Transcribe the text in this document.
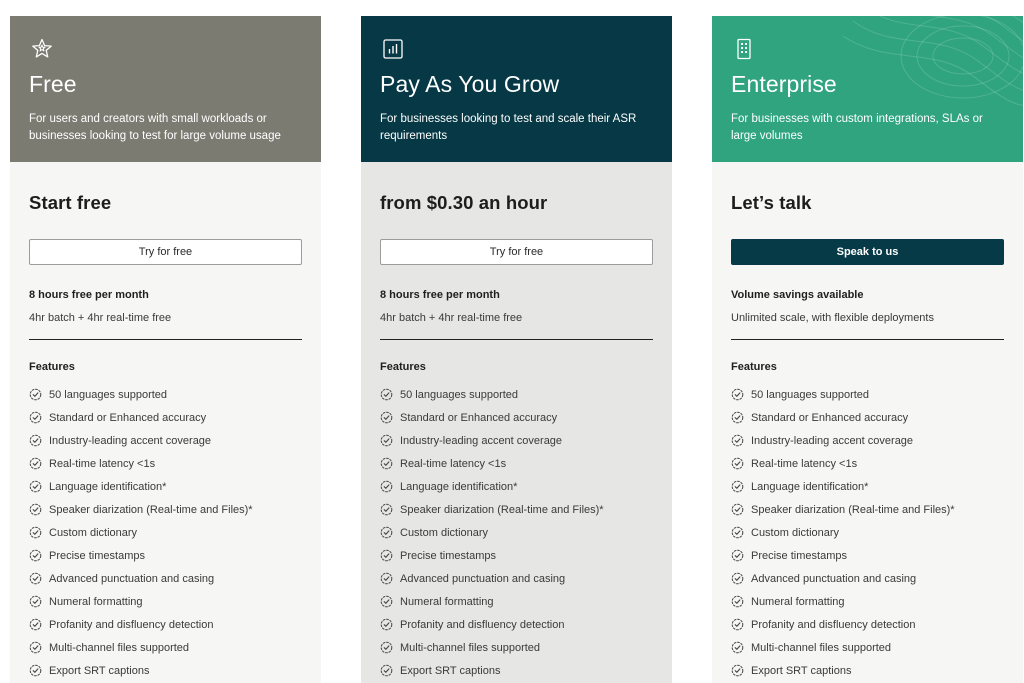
Free
For users and creators with small workloads or businesses looking to test for large volume usage
Start free
Try for free
8 hours free per month
4hr batch + 4hr real-time free
Features
50 languages supported
Standard or Enhanced accuracy
Industry-leading accent coverage
Real-time latency <1s
Language identification*
Speaker diarization (Real-time and Files)*
Custom dictionary
Precise timestamps
Advanced punctuation and casing
Numeral formatting
Profanity and disfluency detection
Multi-channel files supported
Export SRT captions
Pay As You Grow
For businesses looking to test and scale their ASR requirements
from $0.30 an hour
Try for free
8 hours free per month
4hr batch + 4hr real-time free
Features
50 languages supported
Standard or Enhanced accuracy
Industry-leading accent coverage
Real-time latency <1s
Language identification*
Speaker diarization (Real-time and Files)*
Custom dictionary
Precise timestamps
Advanced punctuation and casing
Numeral formatting
Profanity and disfluency detection
Multi-channel files supported
Export SRT captions
Enterprise
For businesses with custom integrations, SLAs or large volumes
Let’s talk
Speak to us
Volume savings available
Unlimited scale, with flexible deployments
Features
50 languages supported
Standard or Enhanced accuracy
Industry-leading accent coverage
Real-time latency <1s
Language identification*
Speaker diarization (Real-time and Files)*
Custom dictionary
Precise timestamps
Advanced punctuation and casing
Numeral formatting
Profanity and disfluency detection
Multi-channel files supported
Export SRT captions
